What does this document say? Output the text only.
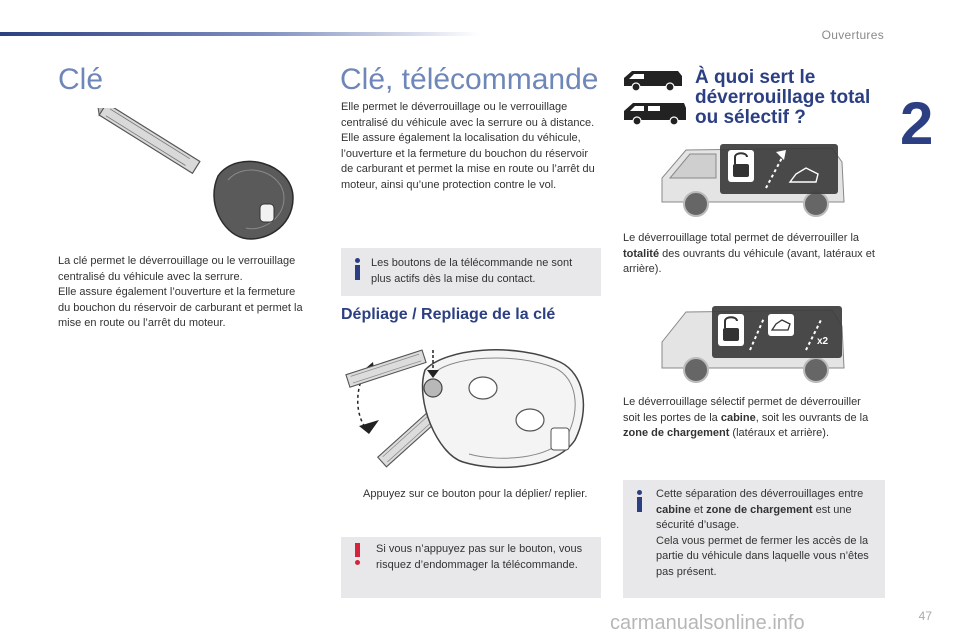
Ouvertures
2
Clé

La clé permet le déverrouillage ou le verrouillage centralisé du véhicule avec la serrure.

Elle assure également l’ouverture et la fermeture du bouchon du réservoir de carburant et permet la mise en route ou l’arrêt du moteur.

Clé, télécommande

Elle permet le déverrouillage ou le verrouillage centralisé du véhicule avec la serrure ou à distance.

Elle assure également la localisation du véhicule, l’ouverture et la fermeture du bouchon du réservoir de carburant et permet la mise en route ou l’arrêt du moteur, ainsi qu’une protection contre le vol.

Les boutons de la télécommande ne sont plus actifs dès la mise du contact.

Dépliage / Repliage de la clé
Appuyez sur ce bouton pour la déplier/ replier.

Si vous n’appuyez pas sur le bouton, vous risquez d’endommager la télécommande.

À quoi sert le déverrouillage total ou sélectif ?

Le déverrouillage total permet de déverrouiller la totalité des ouvrants du véhicule (avant, latéraux et arrière).

x2

Le déverrouillage sélectif permet de déverrouiller soit les portes de la cabine, soit les ouvrants de la zone de chargement (latéraux et arrière).

Cette séparation des déverrouillages entre cabine et zone de chargement est une sécurité d’usage.

Cela vous permet de fermer les accès de la partie du véhicule dans laquelle vous n’êtes pas présent.

carmanualsonline.info	47
